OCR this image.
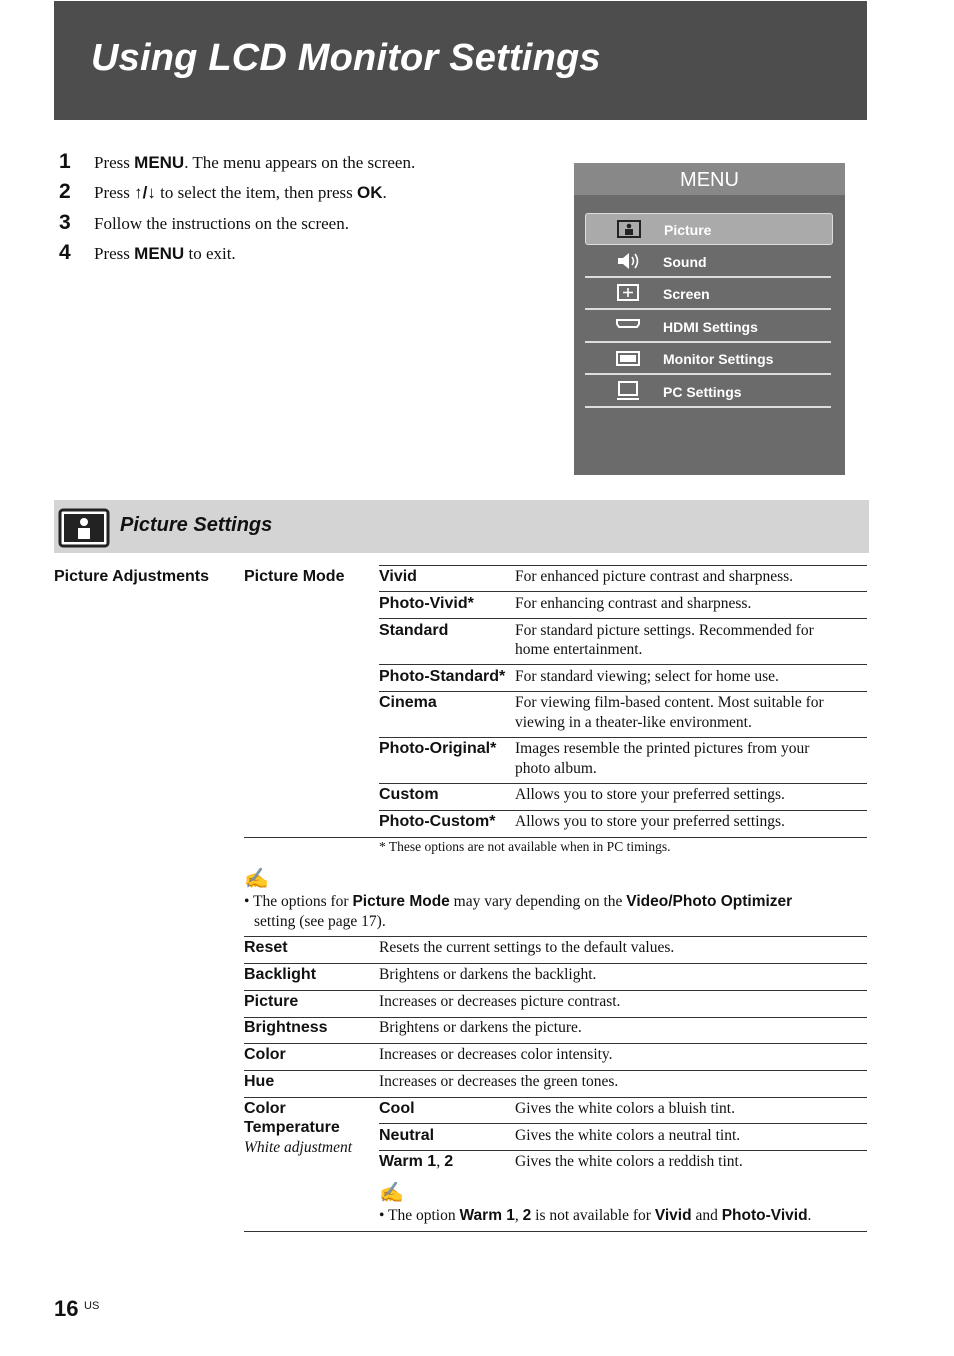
Using LCD Monitor Settings
1 Press MENU. The menu appears on the screen.
2 Press ↑/↓ to select the item, then press OK.
3 Follow the instructions on the screen.
4 Press MENU to exit.
MENU
Picture
Sound
Screen
HDMI Settings
Monitor Settings
PC Settings
Picture Settings
Picture Adjustments Picture Mode Vivid	For enhanced picture contrast and sharpness.
Photo-Vivid*	For enhancing contrast and sharpness.
Standard	For standard picture settings. Recommended for
home entertainment.
Photo-Standard* For standard viewing; select for home use.
Cinema	For viewing film-based content. Most suitable for
viewing in a theater-like environment.
Photo-Original* Images resemble the printed pictures from your
photo album.
Custom	Allows you to store your preferred settings.
Photo-Custom* Allows you to store your preferred settings.
* These options are not available when in PC timings.
✍
• The options for Picture Mode may vary depending on the Video/Photo Optimizer
setting (see page 17).
Reset	Resets the current settings to the default values.
Backlight	Brightens or darkens the backlight.
Picture	Increases or decreases picture contrast.
Brightness	Brightens or darkens the picture.
Color	Increases or decreases color intensity.
Hue	Increases or decreases the green tones.
Color
Temperature
White adjustment
Cool	Gives the white colors a bluish tint.
Neutral	Gives the white colors a neutral tint.
Warm 1, 2	Gives the white colors a reddish tint.
✍
• The option Warm 1, 2 is not available for Vivid and Photo-Vivid.
16 US
